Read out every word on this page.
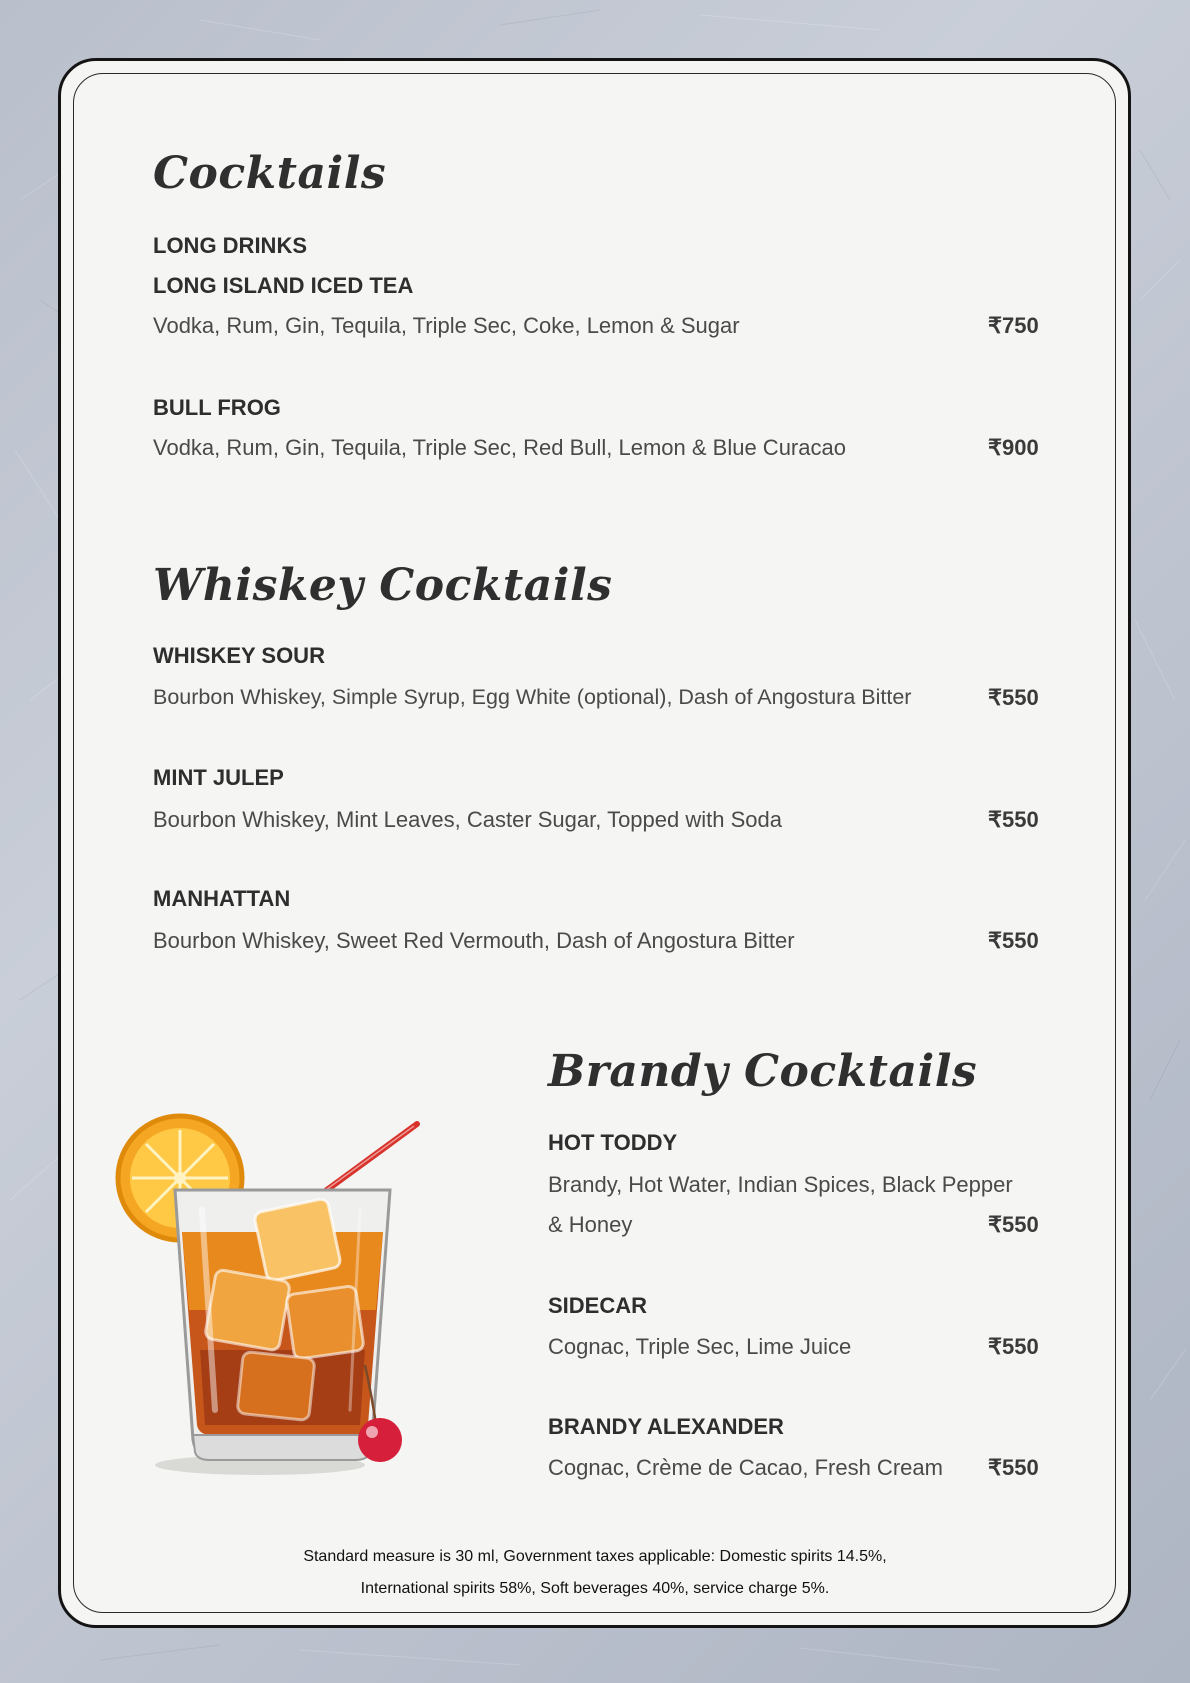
Cocktails
LONG DRINKS
LONG ISLAND ICED TEA
Vodka, Rum, Gin, Tequila, Triple Sec, Coke, Lemon & Sugar	₹750
BULL FROG
Vodka, Rum, Gin, Tequila, Triple Sec, Red Bull, Lemon & Blue Curacao	₹900
Whiskey Cocktails
WHISKEY SOUR
Bourbon Whiskey, Simple Syrup, Egg White (optional), Dash of Angostura Bitter	₹550
MINT JULEP
Bourbon Whiskey, Mint Leaves, Caster Sugar, Topped with Soda	₹550
MANHATTAN
Bourbon Whiskey, Sweet Red Vermouth, Dash of Angostura Bitter	₹550
Brandy Cocktails
HOT TODDY
Brandy, Hot Water, Indian Spices, Black Pepper
& Honey	₹550
SIDECAR
Cognac, Triple Sec, Lime Juice	₹550
BRANDY ALEXANDER
Cognac, Crème de Cacao, Fresh Cream ₹550
Standard measure is 30 ml, Government taxes applicable: Domestic spirits 14.5%,
International spirits 58%, Soft beverages 40%, service charge 5%.
